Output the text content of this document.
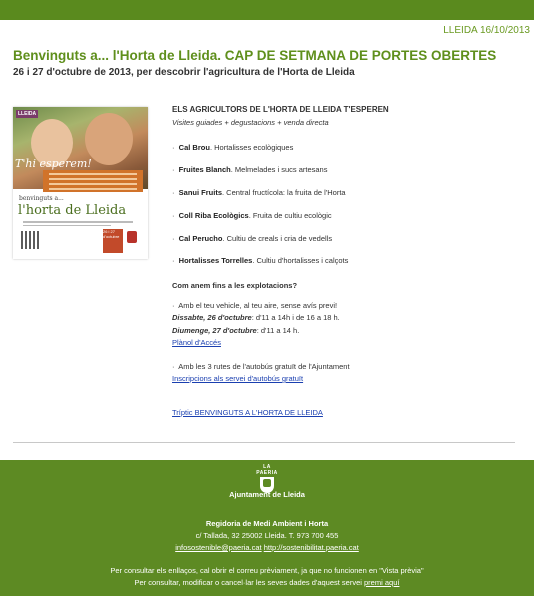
LLEIDA 16/10/2013
Benvinguts a... l'Horta de Lleida. CAP DE SETMANA DE PORTES OBERTES
26 i 27 d'octubre de 2013, per descobrir l'agricultura de l'Horta de Lleida
LLEIDA
T'hi esperem!
benvinguts a...
l'horta de Lleida
26 i 27 d'octubre
ELS AGRICULTORS DE L'HORTA DE LLEIDA T'ESPEREN
Visites guiades + degustacions + venda directa
·  Cal Brou. Hortalisses ecològiques
·  Fruites Blanch. Melmelades i sucs artesans
·  Sanui Fruits. Central fructícola: la fruita de l'Horta
·  Coll Riba Ecològics. Fruita de cultiu ecològic
·  Cal Perucho. Cultiu de creals i cria de vedells
·  Hortalisses Torrelles. Cultiu d'hortalisses i calçots
Com anem fins a les explotacions?
·  Amb el teu vehicle, al teu aire, sense avís previ!
Dissabte, 26 d'octubre: d'11 a 14h i de 16 a 18 h.
Diumenge, 27 d'octubre: d'11 a 14 h.
Plànol d'Accés
·  Amb les 3 rutes de l'autobús gratuït de l'Ajuntament
Inscripcions als servei d'autobús gratuït
Tríptic BENVINGUTS A L'HORTA DE LLEIDA
LA PAERIA
Ajuntament de Lleida
Regidoria de Medi Ambient i Horta
c/ Tallada, 32 25002 Lleida. T. 973 700 455
infosostenible@paeria.cat http://sostenibilitat.paeria.cat
Per consultar els enllaços, cal obrir el correu prèviament, ja que no funcionen en "Vista prèvia"
Per consultar, modificar o cancel·lar les seves dades d'aquest servei premi aquí
